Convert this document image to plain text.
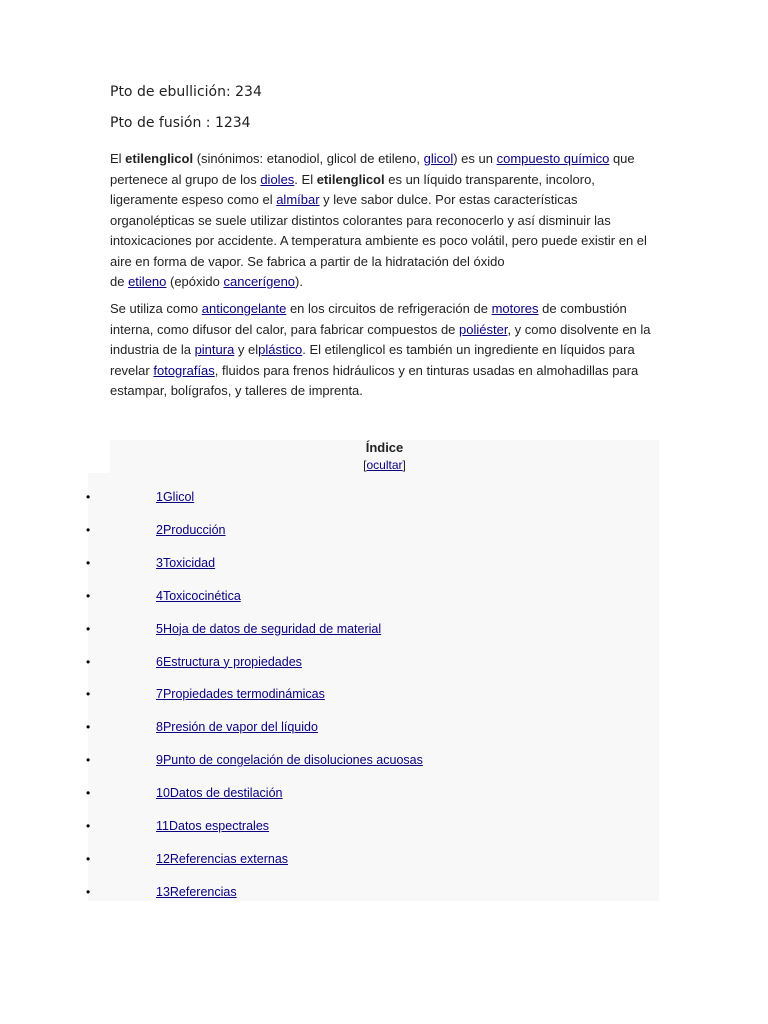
Pto de ebullición: 234
Pto de fusión : 1234

El etilenglicol (sinónimos: etanodiol, glicol de etileno, glicol) es un compuesto químico que pertenece al grupo de los dioles. El etilenglicol es un líquido transparente, incoloro, ligeramente espeso como el almíbar y leve sabor dulce. Por estas características organolépticas se suele utilizar distintos colorantes para reconocerlo y así disminuir las intoxicaciones por accidente. A temperatura ambiente es poco volátil, pero puede existir en el aire en forma de vapor. Se fabrica a partir de la hidratación del óxido
de etileno (epóxido cancerígeno).

Se utiliza como anticongelante en los circuitos de refrigeración de motores de combustión interna, como difusor del calor, para fabricar compuestos de poliéster, y como disolvente en la industria de la pintura y elplástico. El etilenglicol es también un ingrediente en líquidos para revelar fotografías, fluidos para frenos hidráulicos y en tinturas usadas en almohadillas para estampar, bolígrafos, y talleres de imprenta.

Índice
[ocultar]
•	1Glicol
•	2Producción
•	3Toxicidad
•	4Toxicocinética
•	5Hoja de datos de seguridad de material
•	6Estructura y propiedades
•	7Propiedades termodinámicas
•	8Presión de vapor del líquido
•	9Punto de congelación de disoluciones acuosas
•	10Datos de destilación
•	11Datos espectrales
•	12Referencias externas
•	13Referencias
